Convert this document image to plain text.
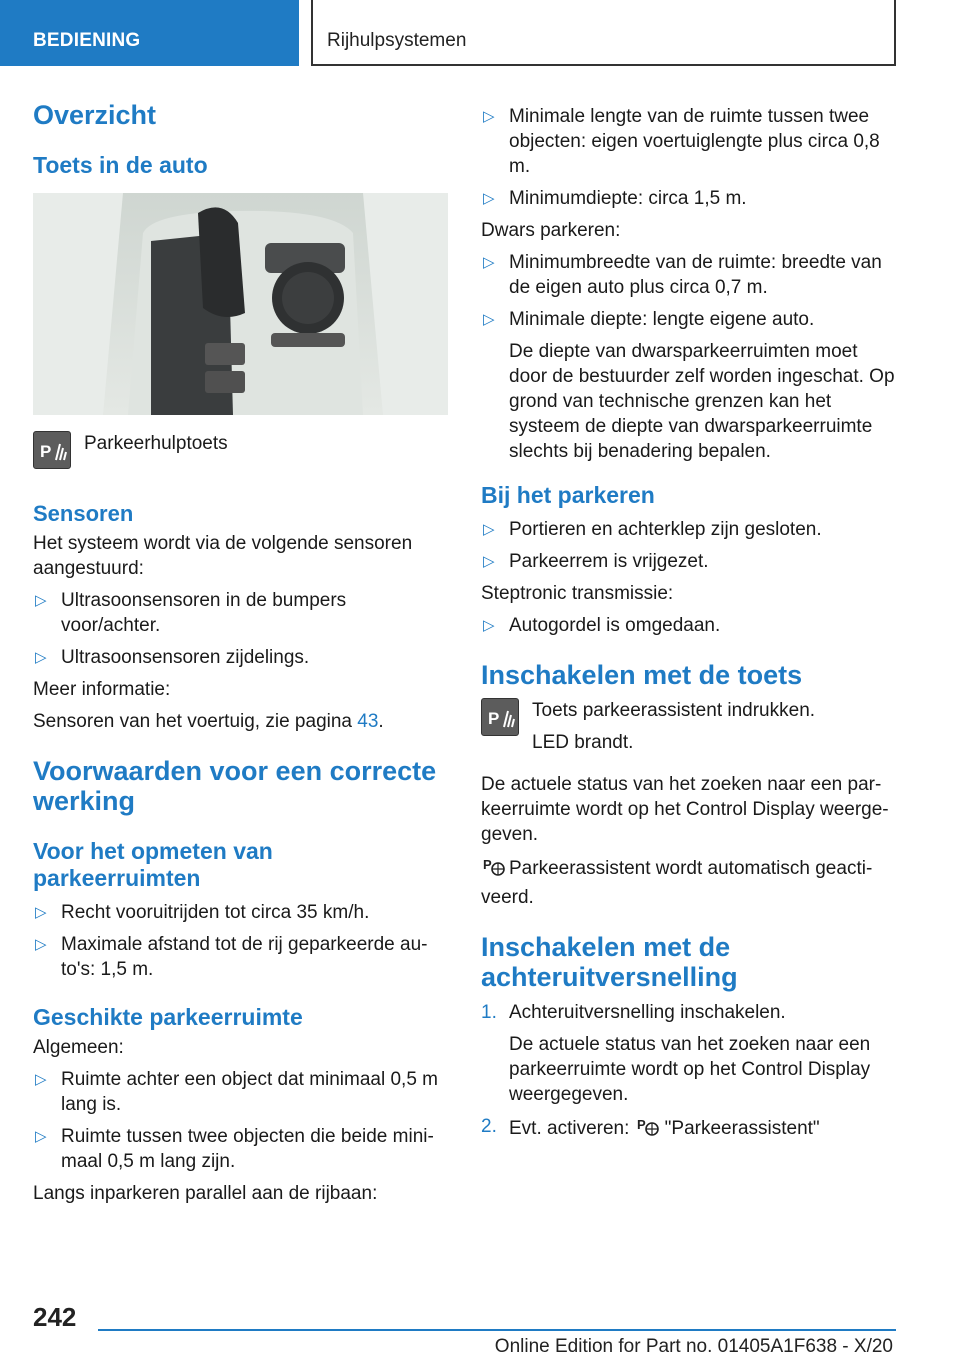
BEDIENING	Rijhulpsystemen
Overzicht
Toets in de auto
P	Parkeerhulptoets
Sensoren

Het systeem wordt via de volgende sensoren aangestuurd:

▷ Ultrasoonsensoren in de bumpers voor/achter.
▷ Ultrasoonsensoren zijdelings.

Meer informatie:

Sensoren van het voertuig, zie pagina 43.

Voorwaarden voor een correcte werking
Voor het opmeten van parkeerruimten
▷ Recht vooruitrijden tot circa 35 km/h.
▷ Maximale afstand tot de rij geparkeerde au-to's: 1,5 m.
Geschikte parkeerruimte

Algemeen:

▷ Ruimte achter een object dat minimaal 0,5 m lang is.
▷ Ruimte tussen twee objecten die beide mini-maal 0,5 m lang zijn.

Langs inparkeren parallel aan de rijbaan:

▷ Minimale lengte van de ruimte tussen twee objecten: eigen voertuiglengte plus circa 0,8 m.
▷ Minimumdiepte: circa 1,5 m.

Dwars parkeren:

▷ Minimumbreedte van de ruimte: breedte van de eigen auto plus circa 0,7 m.
▷ Minimale diepte: lengte eigene auto.
De diepte van dwarsparkeerruimten moet door de bestuurder zelf worden ingeschat. Op grond van technische grenzen kan het systeem de diepte van dwarsparkeerruimte slechts bij benadering bepalen.
Bij het parkeren
▷ Portieren en achterklep zijn gesloten.
▷ Parkeerrem is vrijgezet.

Steptronic transmissie:

▷ Autogordel is omgedaan.
Inschakelen met de toets
P	Toets parkeerassistent indrukken.
LED brandt.

De actuele status van het zoeken naar een par-keerruimte wordt op het Control Display weerge-geven.

P Parkeerassistent wordt automatisch geacti-veerd.

Inschakelen met de achteruitversnelling
1. Achteruitversnelling inschakelen.
De actuele status van het zoeken naar een parkeerruimte wordt op het Control Display weergegeven.
2. Evt. activeren: P "Parkeerassistent"
242
Online Edition for Part no. 01405A1F638 - X/20
